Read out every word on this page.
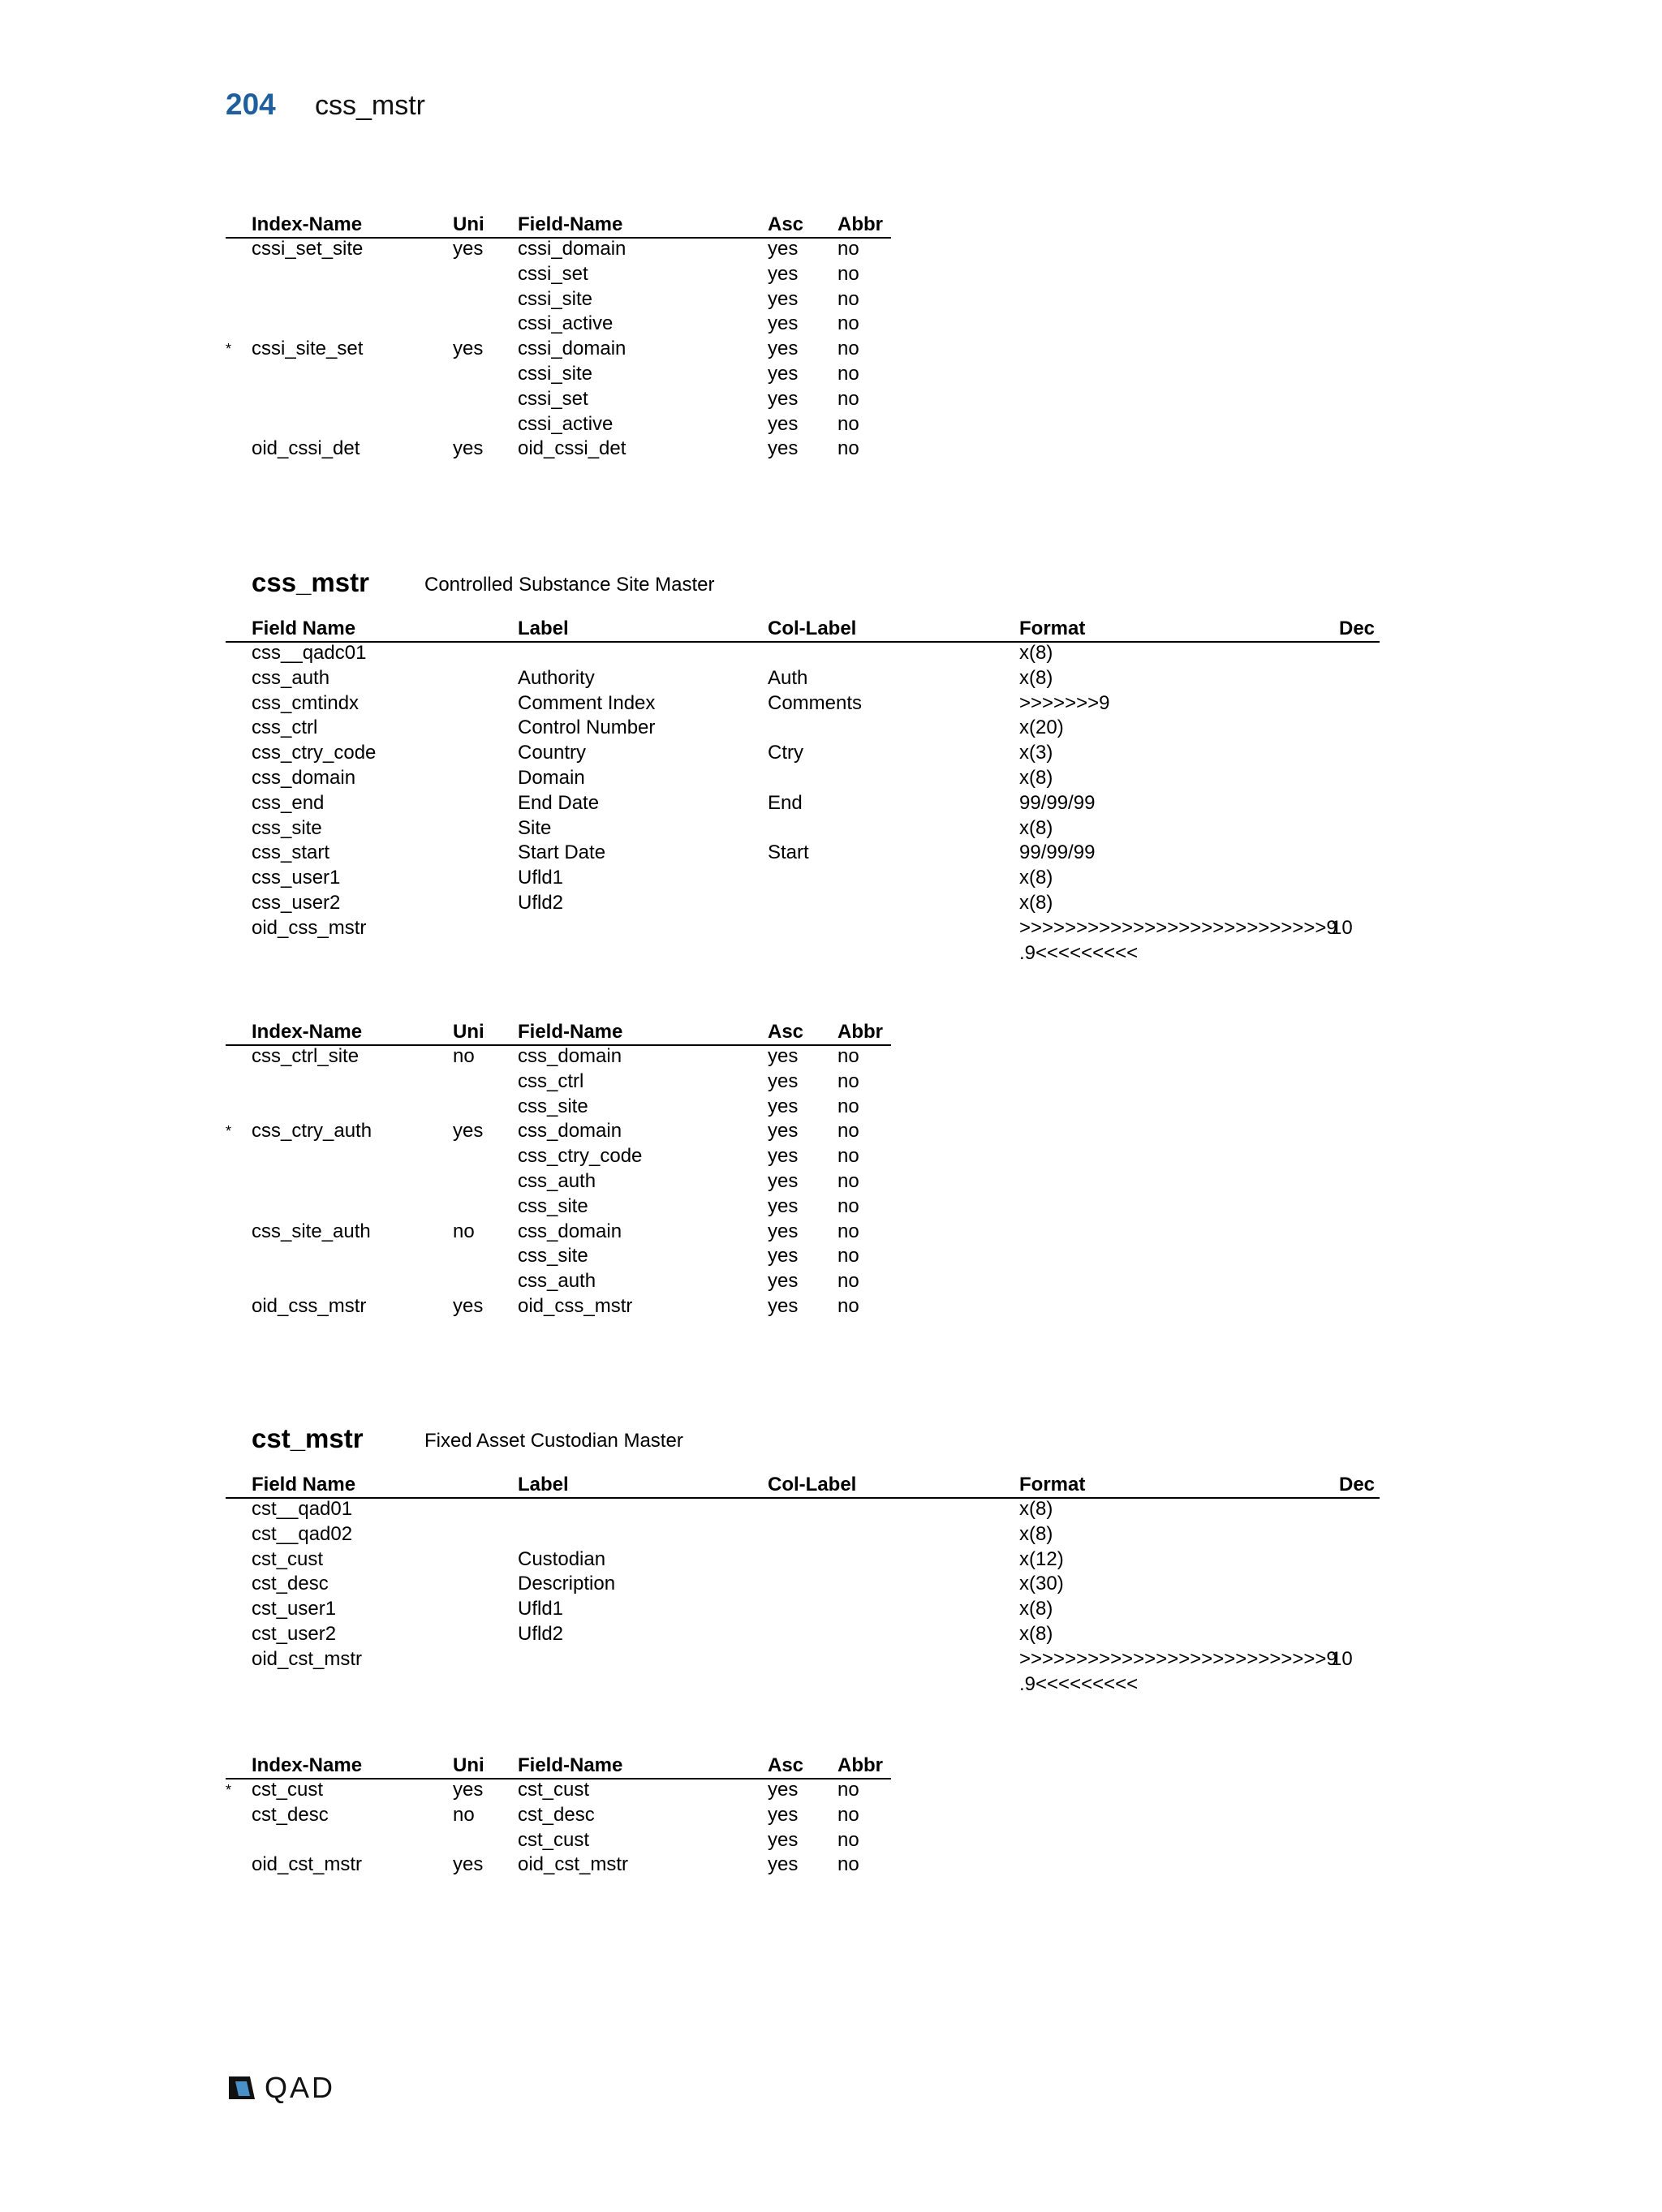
204 css_mstr
Index-Name	Uni Field-Name	Asc Abbr
cssi_set_site	yes cssi_domain	yes no
cssi_set	yes no
cssi_site	yes no
cssi_active	yes no
* cssi_site_set	yes cssi_domain	yes no
cssi_site	yes no
cssi_set	yes no
cssi_active	yes no
oid_cssi_det	yes oid_cssi_det	yes no
css_mstr	Controlled Substance Site Master
Field Name	Label	Col-Label	Format	Dec
css__qadc01	x(8)
css_auth	Authority	Auth	x(8)
css_cmtindx	Comment Index	Comments	>>>>>>>9
css_ctrl	Control Number	x(20)
css_ctry_code	Country	Ctry	x(3)
css_domain	Domain	x(8)
css_end	End Date	End	99/99/99
css_site	Site	x(8)
css_start	Start Date	Start	99/99/99
css_user1	Ufld1	x(8)
css_user2	Ufld2	x(8)
oid_css_mstr	>>>>>>>>>>>>>>>>>>>>>>>>>>>9
10
.9<<<<<<<<<
Index-Name	Uni Field-Name	Asc Abbr
css_ctrl_site	no css_domain	yes no
css_ctrl	yes no
css_site	yes no
* css_ctry_auth	yes css_domain	yes no
css_ctry_code	yes no
css_auth	yes no
css_site	yes no
css_site_auth	no css_domain	yes no
css_site	yes no
css_auth	yes no
oid_css_mstr	yes oid_css_mstr	yes no
cst_mstr	Fixed Asset Custodian Master
Field Name	Label	Col-Label	Format	Dec
cst__qad01	x(8)
cst__qad02	x(8)
cst_cust	Custodian	x(12)
cst_desc	Description	x(30)
cst_user1	Ufld1	x(8)
cst_user2	Ufld2	x(8)
oid_cst_mstr	>>>>>>>>>>>>>>>>>>>>>>>>>>>9
10
.9<<<<<<<<<
Index-Name	Uni Field-Name	Asc Abbr
* cst_cust	yes cst_cust	yes no
cst_desc	no cst_desc	yes no
cst_cust	yes no
oid_cst_mstr	yes oid_cst_mstr	yes no
QAD
